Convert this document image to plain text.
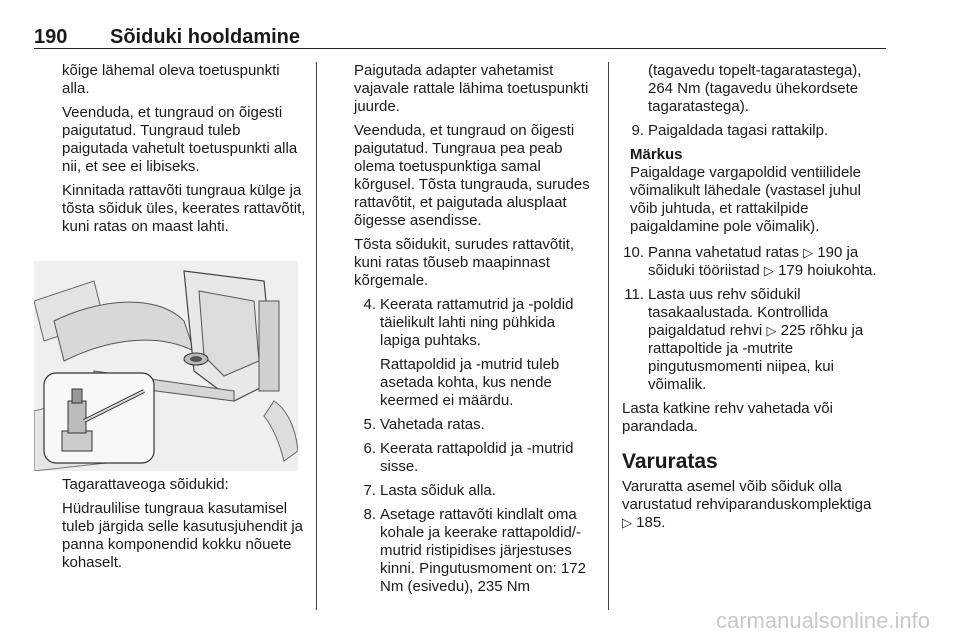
190 Sõiduki hooldamine

kõige lähemal oleva toetuspunkti alla.

Veenduda, et tungraud on õigesti paigutatud. Tungraud tuleb paigutada vahetult toetuspunkti alla nii, et see ei libiseks.

Kinnitada rattavõti tungraua külge ja tõsta sõiduk üles, keerates rattavõtit, kuni ratas on maast lahti.

Tagarattaveoga sõidukid:

Hüdraulilise tungraua kasutamisel tuleb järgida selle kasutusjuhendit ja panna komponendid kokku nõuete kohaselt.

Paigutada adapter vahetamist vajavale rattale lähima toetuspunkti juurde.

Veenduda, et tungraud on õigesti paigutatud. Tungraua pea peab olema toetuspunktiga samal kõrgusel. Tõsta tungrauda, surudes rattavõtit, et paigutada alusplaat õigesse asendisse.

Tõsta sõidukit, surudes rattavõtit, kuni ratas tõuseb maapinnast kõrgemale.

4. Keerata rattamutrid ja -poldid täielikult lahti ning pühkida lapiga puhtaks.

Rattapoldid ja -mutrid tuleb asetada kohta, kus nende keermed ei määrdu.

5. Vahetada ratas.
6. Keerata rattapoldid ja -mutrid sisse.
7. Lasta sõiduk alla.
8. Asetage rattavõti kindlalt oma kohale ja keerake rattapoldid/-mutrid ristipidises järjestuses kinni. Pingutusmoment on: 172 Nm (esivedu), 235 Nm

(tagavedu topelt-tagaratastega), 264 Nm (tagavedu ühekordsete tagaratastega).

9. Paigaldada tagasi rattakilp.
Märkus
Paigaldage vargapoldid ventiilidele võimalikult lähedale (vastasel juhul võib juhtuda, et rattakilpide paigaldamine pole võimalik).
10. Panna vahetatud ratas ▷ 190 ja sõiduki tööriistad ▷ 179 hoiukohta.
11. Lasta uus rehv sõidukil tasakaalustada. Kontrollida paigaldatud rehvi ▷ 225 rõhku ja rattapoltide ja -mutrite pingutusmomenti niipea, kui võimalik.

Lasta katkine rehv vahetada või parandada.

Varuratas

Varuratta asemel võib sõiduk olla varustatud rehviparanduskomplektiga ▷ 185.

carmanualsonline.info
